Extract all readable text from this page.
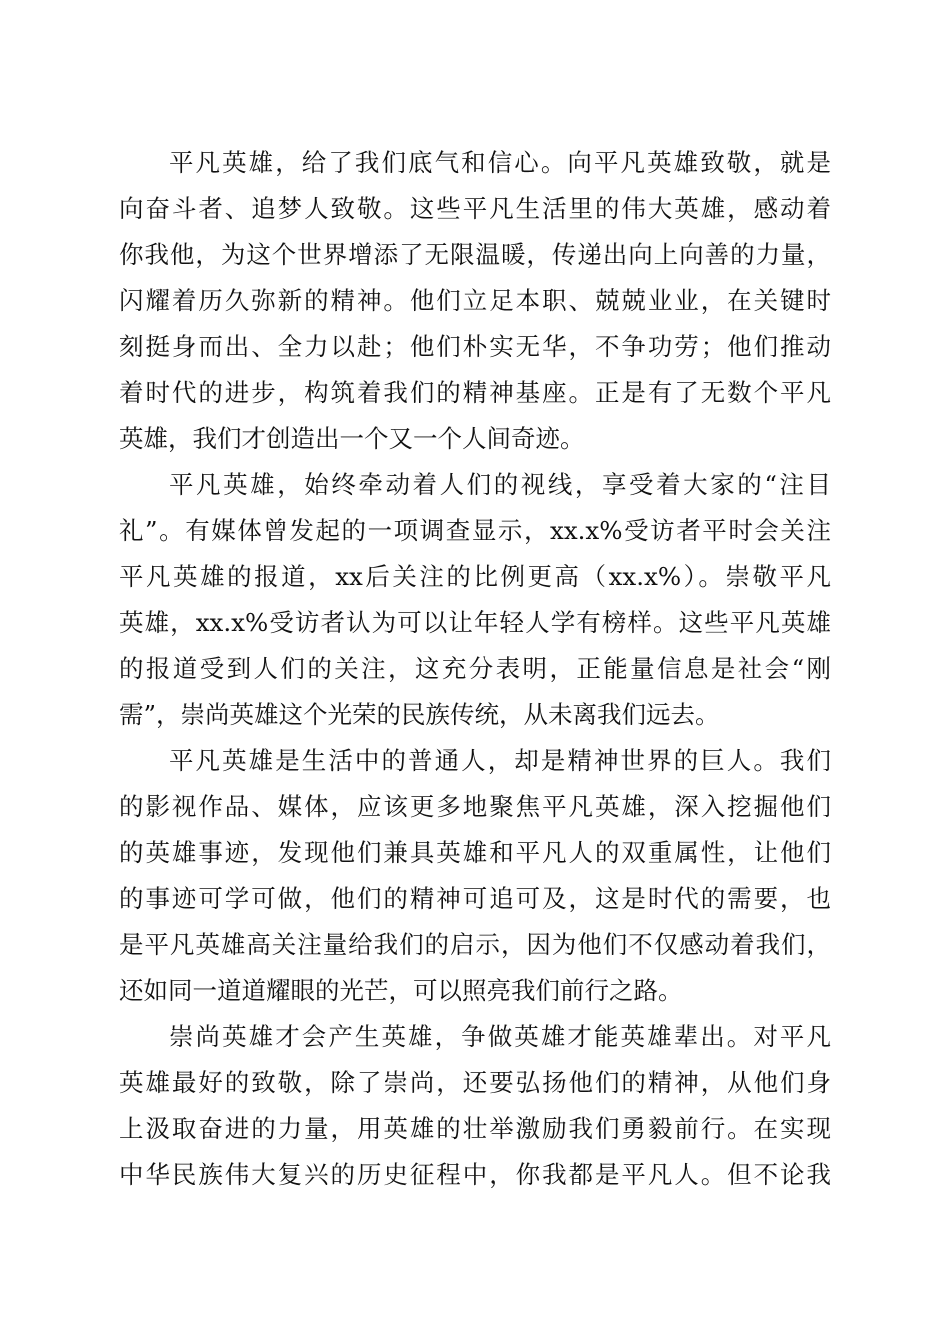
平凡英雄，给了我们底气和信心。向平凡英雄致敬，就是
向奋斗者、追梦人致敬。这些平凡生活里的伟大英雄，感动着
你我他，为这个世界增添了无限温暖，传递出向上向善的力量，
闪耀着历久弥新的精神。他们立足本职、兢兢业业，在关键时
刻挺身而出、全力以赴；他们朴实无华，不争功劳；他们推动
着时代的进步，构筑着我们的精神基座。正是有了无数个平凡
英雄，我们才创造出一个又一个人间奇迹。
平凡英雄，始终牵动着人们的视线，享受着大家的“注目
礼”。有媒体曾发起的一项调查显示，xx.x%受访者平时会关注
平凡英雄的报道，xx后关注的比例更高（xx.x%）。崇敬平凡
英雄，xx.x%受访者认为可以让年轻人学有榜样。这些平凡英雄
的报道受到人们的关注，这充分表明，正能量信息是社会“刚
需”，崇尚英雄这个光荣的民族传统，从未离我们远去。
平凡英雄是生活中的普通人，却是精神世界的巨人。我们
的影视作品、媒体，应该更多地聚焦平凡英雄，深入挖掘他们
的英雄事迹，发现他们兼具英雄和平凡人的双重属性，让他们
的事迹可学可做，他们的精神可追可及，这是时代的需要，也
是平凡英雄高关注量给我们的启示，因为他们不仅感动着我们，
还如同一道道耀眼的光芒，可以照亮我们前行之路。
崇尚英雄才会产生英雄，争做英雄才能英雄辈出。对平凡
英雄最好的致敬，除了崇尚，还要弘扬他们的精神，从他们身
上汲取奋进的力量，用英雄的壮举激励我们勇毅前行。在实现
中华民族伟大复兴的历史征程中，你我都是平凡人。但不论我
